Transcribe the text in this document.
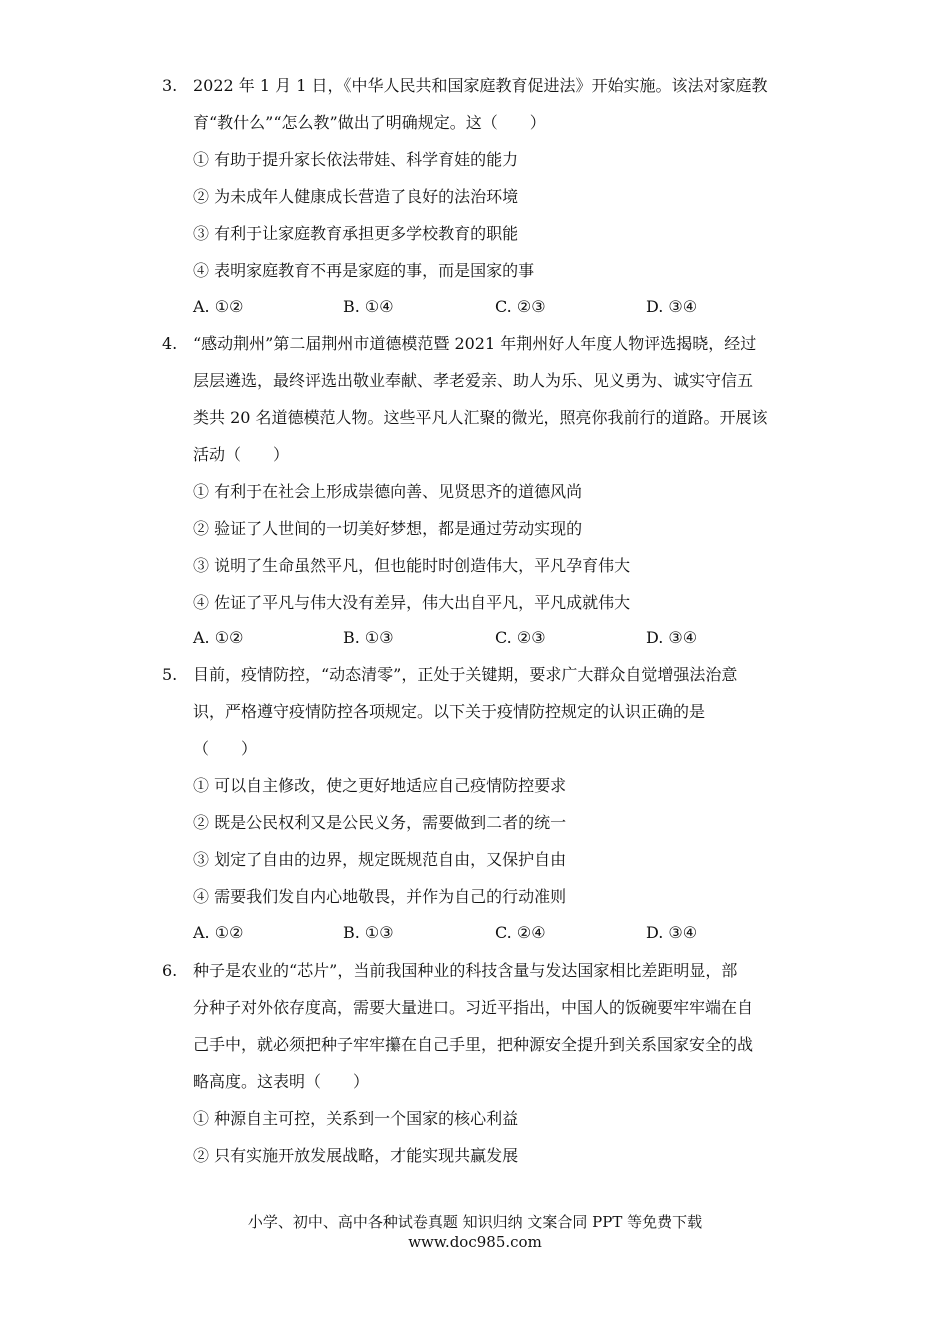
3. 2022 年 1 月 1 日，《中华人民共和国家庭教育促进法》开始实施。该法对家庭教
育“教什么”“怎么教”做出了明确规定。这（　　）
① 有助于提升家长依法带娃、科学育娃的能力
② 为未成年人健康成长营造了良好的法治环境
③ 有利于让家庭教育承担更多学校教育的职能
④ 表明家庭教育不再是家庭的事，而是国家的事
A. ①②	B. ①④	C. ②③	D. ③④
4. “感动荆州”第二届荆州市道德模范暨 2021 年荆州好人年度人物评选揭晓，经过
层层遴选，最终评选出敬业奉献、孝老爱亲、助人为乐、见义勇为、诚实守信五
类共 20 名道德模范人物。这些平凡人汇聚的微光，照亮你我前行的道路。开展该
活动（　　）
① 有利于在社会上形成崇德向善、见贤思齐的道德风尚
② 验证了人世间的一切美好梦想，都是通过劳动实现的
③ 说明了生命虽然平凡，但也能时时创造伟大，平凡孕育伟大
④ 佐证了平凡与伟大没有差异，伟大出自平凡，平凡成就伟大
A. ①②	B. ①③	C. ②③	D. ③④
5. 目前，疫情防控，“动态清零”，正处于关键期，要求广大群众自觉增强法治意
识，严格遵守疫情防控各项规定。以下关于疫情防控规定的认识正确的是
（　　）
① 可以自主修改，使之更好地适应自己疫情防控要求
② 既是公民权利又是公民义务，需要做到二者的统一
③ 划定了自由的边界，规定既规范自由，又保护自由
④ 需要我们发自内心地敬畏，并作为自己的行动准则
A. ①②	B. ①③	C. ②④	D. ③④
6. 种子是农业的“芯片”，当前我国种业的科技含量与发达国家相比差距明显，部
分种子对外依存度高，需要大量进口。习近平指出，中国人的饭碗要牢牢端在自
己手中，就必须把种子牢牢攥在自己手里，把种源安全提升到关系国家安全的战
略高度。这表明（　　）
① 种源自主可控，关系到一个国家的核心利益
② 只有实施开放发展战略，才能实现共赢发展
小学、初中、高中各种试卷真题 知识归纳 文案合同 PPT 等免费下载
www.doc985.com
